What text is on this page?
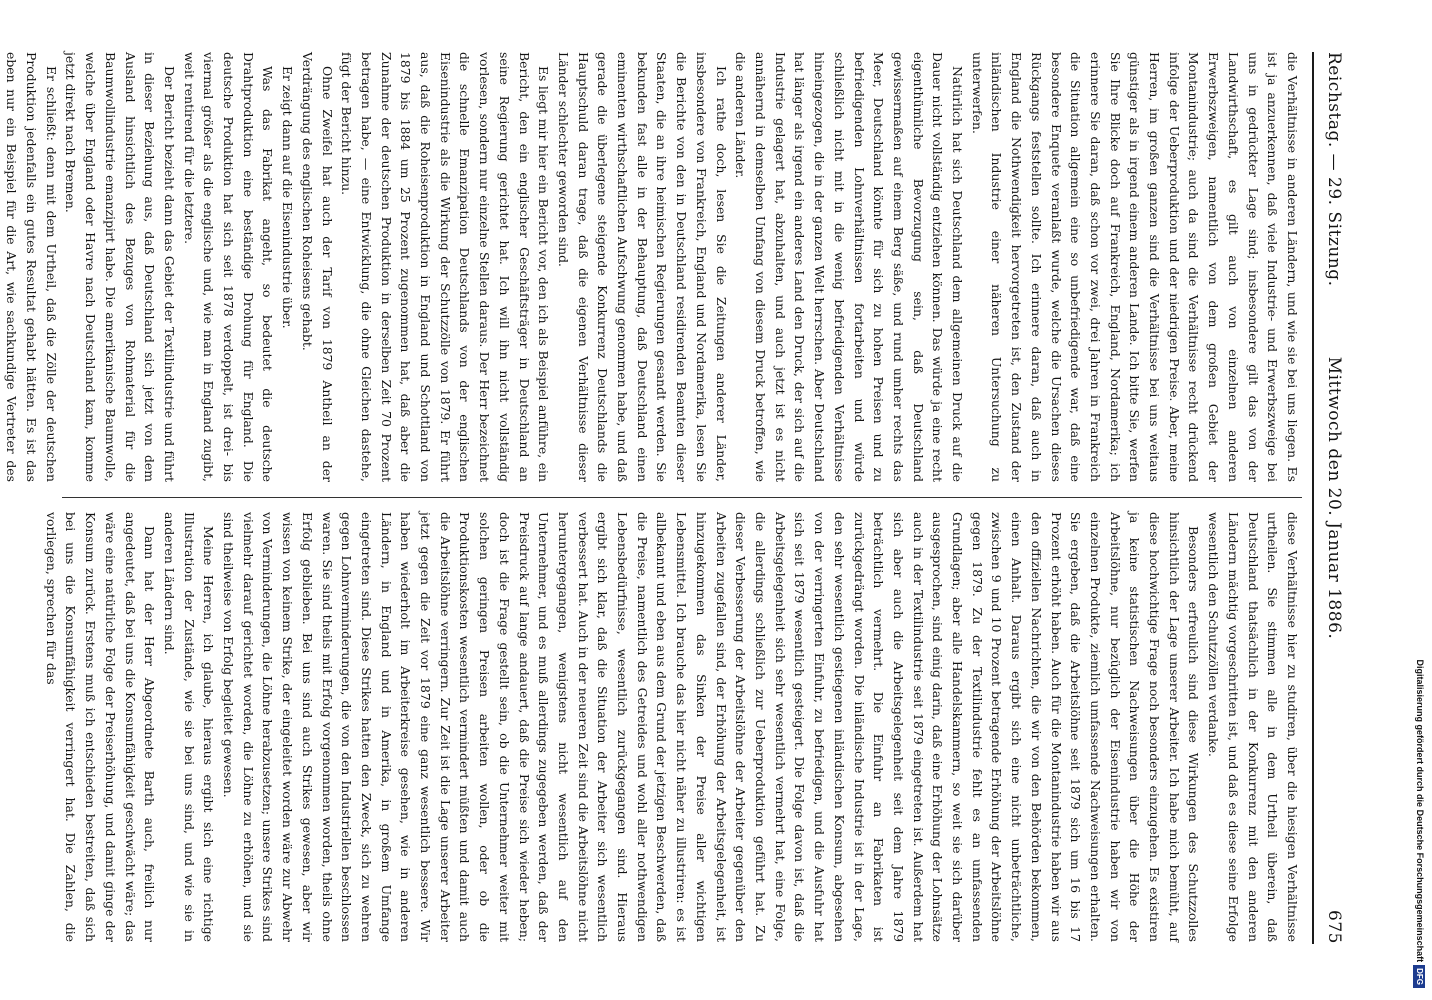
Reichstag. — 29. Sitzung.
Mittwoch den 20. Januar 1886.
675

die Verhältnisse in anderen Ländern, und wie sie bei uns liegen. Es ist ja anzuerkennen, daß viele Industrie- und Erwerbszweige bei uns in gedrückter Lage sind; insbesondere gilt das von der Landwirthschaft, es gilt auch von einzelnen anderen Erwerbszweigen, namentlich von dem großen Gebiet der Montanindustrie; auch da sind die Verhältnisse recht drückend infolge der Ueberproduktion und der niedrigen Preise. Aber, meine Herren, im großen ganzen sind die Verhältnisse bei uns weitaus günstiger als in irgend einem anderen Lande. Ich bitte Sie, werfen Sie Ihre Blicke doch auf Frankreich, England, Nordamerika; ich erinnere Sie daran, daß schon vor zwei, drei Jahren in Frankreich die Situation allgemein eine so unbefriedigende war, daß eine besondere Enquete veranlaßt wurde, welche die Ursachen dieses Rückgangs feststellen sollte. Ich erinnere daran, daß auch in England die Nothwendigkeit hervorgetreten ist, den Zustand der inländischen Industrie einer näheren Untersuchung zu unterwerfen.

Natürlich hat sich Deutschland dem allgemeinen Druck auf die Dauer nicht vollständig entziehen können. Das würde ja eine recht eigenthümliche Bevorzugung sein, daß Deutschland gewissermaßen auf einem Berg säße, und rund umher rechts das Meer, Deutschland könnte für sich zu hohen Preisen und zu befriedigenden Lohnverhältnissen fortarbeiten und würde schließlich nicht mit in die wenig befriedigenden Verhältnisse hineingezogen, die in der ganzen Welt herrschen. Aber Deutschland hat länger als irgend ein anderes Land den Druck, der sich auf die Industrie gelagert hat, abzuhalten, und auch jetzt ist es nicht annähernd in demselben Umfang von diesem Druck betroffen, wie die anderen Länder.

Ich rathe doch, lesen Sie die Zeitungen anderer Länder, insbesondere von Frankreich, England und Nordamerika, lesen Sie die Berichte von den in Deutschland residirenden Beamten dieser Staaten, die an ihre heimischen Regierungen gesandt werden. Sie bekunden fast alle in der Behauptung, daß Deutschland einen eminenten wirthschaftlichen Aufschwung genommen habe, und daß gerade die überlegene steigende Konkurrenz Deutschlands die Hauptschuld daran trage, daß die eigenen Verhältnisse dieser Länder schlechter geworden sind.

Es liegt mir hier ein Bericht vor, den ich als Beispiel anführe, ein Bericht, den ein englischer Geschäftsträger in Deutschland an seine Regierung gerichtet hat. Ich will ihn nicht vollständig vorlesen, sondern nur einzelne Stellen daraus. Der Herr bezeichnet die schnelle Emanzipation Deutschlands von der englischen Eisenindustrie als die Wirkung der Schutzzölle von 1879. Er führt aus, daß die Roheisenproduktion in England und Schottland von 1879 bis 1884 um 25 Prozent zugenommen hat, daß aber die Zunahme der deutschen Produktion in derselben Zeit 70 Prozent betragen habe, — eine Entwicklung, die ohne Gleichen dastehe, fügt der Bericht hinzu.

Ohne Zweifel hat auch der Tarif von 1879 Antheil an der Verdrängung des englischen Roheisens gehabt.

Er zeigt dann auf die Eisenindustrie über.

Was das Fabrikat angeht, so bedeutet die deutsche Drahtproduktion eine beständige Drohung für England. Die deutsche Produktion hat sich seit 1878 verdoppelt, ist drei- bis viermal größer als die englische und, wie man in England zugibt, weit rentirend für die letztere.

Der Bericht bezieht dann das Gebiet der Textilindustrie und führt in dieser Beziehung aus, daß Deutschland sich jetzt von dem Ausland hinsichtlich des Bezuges von Rohmaterial für die Baumwollindustrie emanzipirt habe. Die amerikanische Baumwolle, welche über England oder Havre nach Deutschland kam, komme jetzt direkt nach Bremen.

Er schließt: denn mit dem Urtheil, daß die Zölle der deutschen Produktion jedenfalls ein gutes Resultat gehabt hätten. Es ist das eben nur ein Beispiel für die Art, wie sachkundige Vertreter des

diese Verhältnisse hier zu studiren, über die hiesigen Verhältnisse urtheilen. Sie stimmen alle in dem Urtheil überein, daß Deutschland thatsächlich in der Konkurrenz mit den anderen Ländern mächtig vorgeschritten ist, und daß es diese seine Erfolge wesentlich den Schutzzöllen verdanke.

Besonders erfreulich sind diese Wirkungen des Schutzzolles hinsichtlich der Lage unserer Arbeiter. Ich habe mich bemüht, auf diese hochwichtige Frage noch besonders einzugehen. Es existiren ja keine statistischen Nachweisungen über die Höhe der Arbeitslöhne, nur bezüglich der Eisenindustrie haben wir von einzelnen Produkte, ziemlich umfassende Nachweisungen erhalten. Sie ergeben, daß die Arbeitslöhne seit 1879 sich um 16 bis 17 Prozent erhöht haben. Auch für die Montanindustrie haben wir aus den offiziellen Nachrichten, die wir von den Behörden bekommen, einen Anhalt. Daraus ergibt sich eine nicht unbeträchtliche, zwischen 9 und 10 Prozent betragende Erhöhung der Arbeitslöhne gegen 1879. Zu der Textilindustrie fehlt es an umfassenden Grundlagen; aber alle Handelskammern, so weit sie sich darüber ausgesprochen, sind einig darin, daß eine Erhöhung der Lohnsätze auch in der Textilindustrie seit 1879 eingetreten ist. Außerdem hat sich aber auch die Arbeitsgelegenheit seit dem Jahre 1879 beträchtlich vermehrt. Die Einfuhr an Fabrikaten ist zurückgedrängt worden. Die inländische Industrie ist in der Lage, den sehr wesentlich gestiegenen inländischen Konsum, abgesehen von der verringerten Einfuhr, zu befriedigen, und die Ausfuhr hat sich seit 1879 wesentlich gesteigert. Die Folge davon ist, daß die Arbeitsgelegenheit sich sehr wesentlich vermehrt hat, eine Folge, die allerdings schließlich zur Ueberproduktion geführt hat. Zu dieser Verbesserung der Arbeitslöhne der Arbeiter gegenüber den Arbeiten zugefallen sind, der Erhöhung der Arbeitsgelegenheit, ist hinzugekommen das Sinken der Preise aller wichtigen Lebensmittel. Ich brauche das hier nicht näher zu illustriren: es ist allbekannt und eben aus dem Grund der jetzigen Beschwerden, daß die Preise, namentlich des Getreides und wohl aller nothwendigen Lebensbedürfnisse, wesentlich zurückgegangen sind. Hieraus ergibt sich klar, daß die Situation der Arbeiter sich wesentlich verbessert hat. Auch in der neueren Zeit sind die Arbeitslöhne nicht heruntergegangen, wenigstens nicht wesentlich auf den Unternehmer, und es muß allerdings zugegeben werden, daß der Preisdruck auf lange andauert, daß die Preise sich wieder heben; doch ist die Frage gestellt sein, ob die Unternehmer weiter mit solchen geringen Preisen arbeiten wollen, oder ob die Produktionskosten wesentlich vermindert müßten und damit auch die Arbeitslöhne verringern. Zur Zeit ist die Lage unserer Arbeiter jetzt gegen die Zeit vor 1879 eine ganz wesentlich bessere. Wir haben wiederholt im Arbeiterkreise gesehen, wie in anderen Ländern, in England und in Amerika, in großem Umfange eingetreten sind. Diese Strikes hatten den Zweck, sich zu wehren gegen Lohnverminderungen, die von den Industriellen beschlossen waren. Sie sind theils mit Erfolg vorgenommen worden, theils ohne Erfolg geblieben. Bei uns sind auch Strikes gewesen, aber wir wissen von keinem Strike, der eingeleitet worden wäre zur Abwehr von Verminderungen, die Löhne herabzusetzen; unsere Strikes sind vielmehr darauf gerichtet worden, die Löhne zu erhöhen, und sie sind theilweise von Erfolg begleitet gewesen.

Meine Herren, ich glaube, hieraus ergibt sich eine richtige Illustration der Zustände, wie sie bei uns sind, und wie sie in anderen Ländern sind.

Dann hat der Herr Abgeordnete Barth auch, freilich nur angedeutet, daß bei uns die Konsumfähigkeit geschwächt wäre; das wäre eine natürliche Folge der Preiserhöhung, und damit ginge der Konsum zurück. Erstens muß ich entschieden bestreiten, daß sich bei uns die Konsumfähigkeit verringert hat. Die Zahlen, die vorliegen, sprechen für das

Digitalisierung gefördert durch die Deutsche ForschungsgemeinschaftDFG
